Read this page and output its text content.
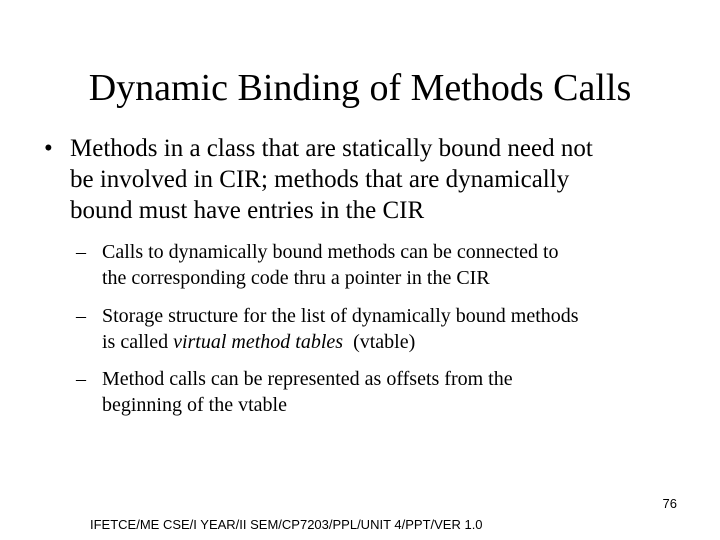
Dynamic Binding of Methods Calls
• Methods in a class that are statically bound need not
be involved in CIR; methods that are dynamically
bound must have entries in the CIR
– Calls to dynamically bound methods can be connected to
the corresponding code thru a pointer in the CIR
– Storage structure for the list of dynamically bound methods
is called virtual method tables  (vtable)
– Method calls can be represented as offsets from the
beginning of the vtable
76
IFETCE/ME CSE/I YEAR/II SEM/CP7203/PPL/UNIT 4/PPT/VER 1.0
